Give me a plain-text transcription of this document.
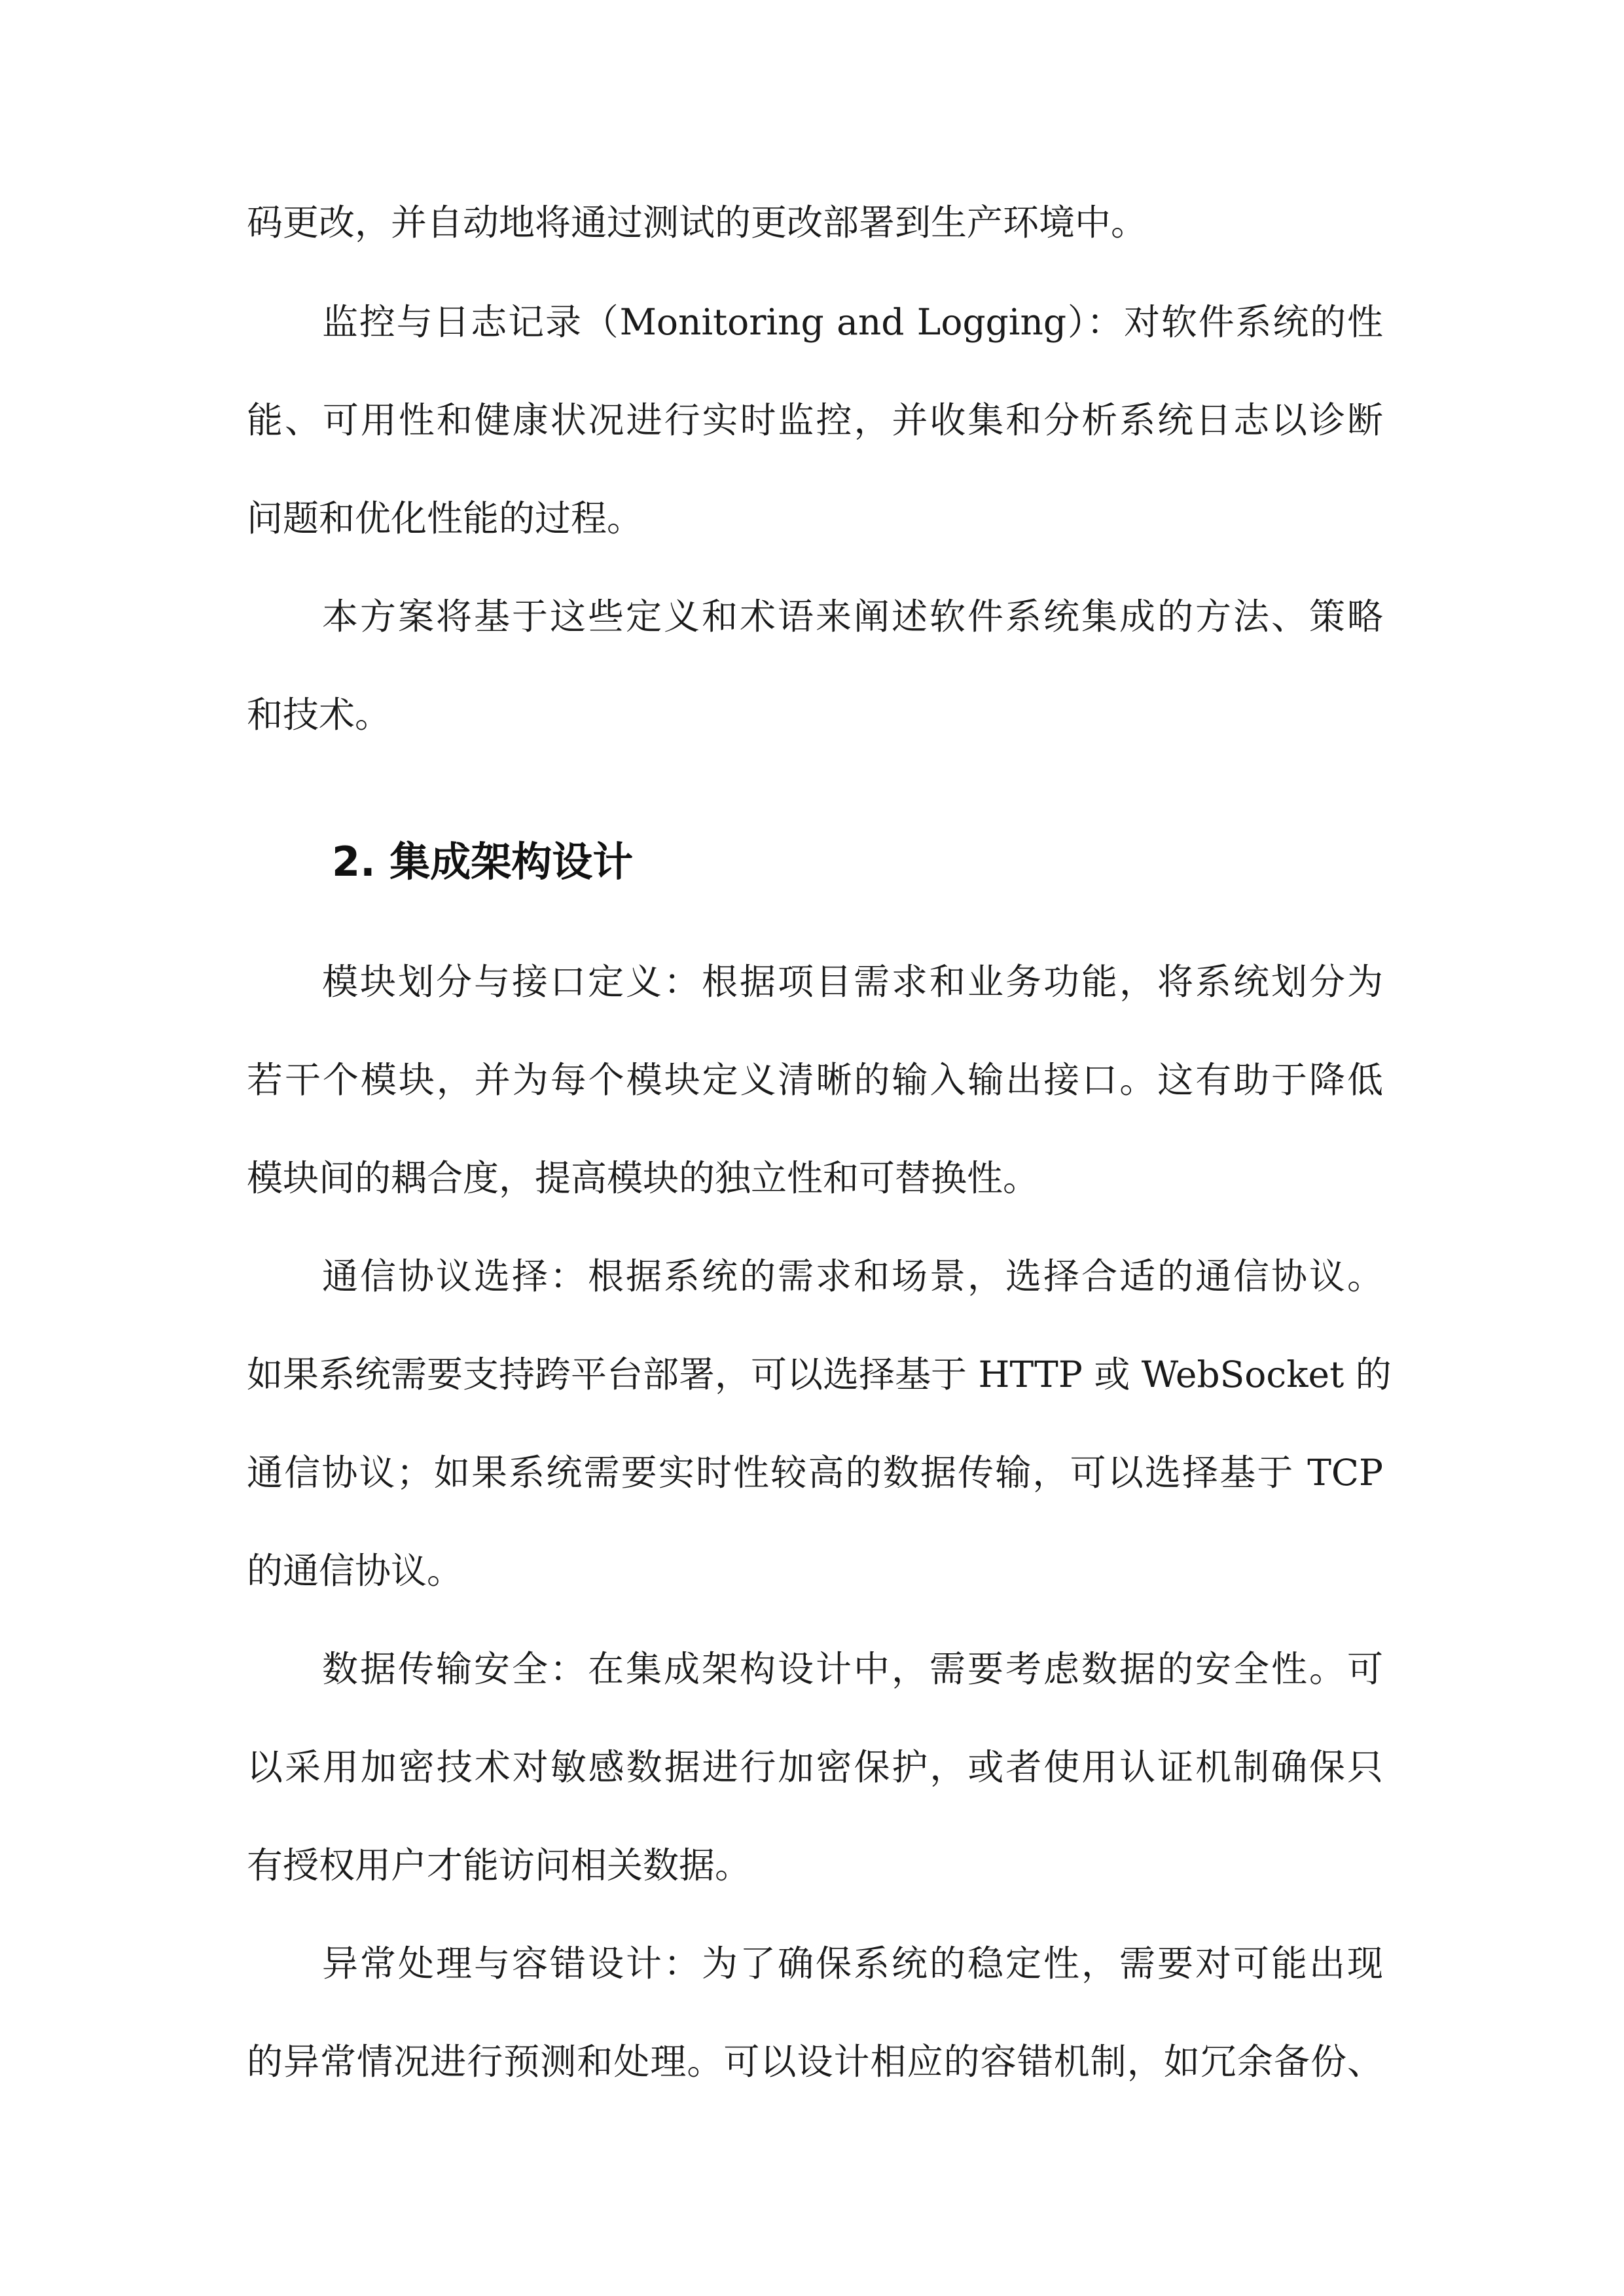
码更改，并自动地将通过测试的更改部署到生产环境中。
监控与日志记录（Monitoring and Logging）：对软件系统的性
能、可用性和健康状况进行实时监控，并收集和分析系统日志以诊断
问题和优化性能的过程。
本方案将基于这些定义和术语来阐述软件系统集成的方法、策略
和技术。
2. 集成架构设计
模块划分与接口定义：根据项目需求和业务功能，将系统划分为
若干个模块，并为每个模块定义清晰的输入输出接口。这有助于降低
模块间的耦合度，提高模块的独立性和可替换性。
通信协议选择：根据系统的需求和场景，选择合适的通信协议。
如果系统需要支持跨平台部署，可以选择基于 HTTP 或 WebSocket 的
通信协议；如果系统需要实时性较高的数据传输，可以选择基于 TCP
的通信协议。
数据传输安全：在集成架构设计中，需要考虑数据的安全性。可
以采用加密技术对敏感数据进行加密保护，或者使用认证机制确保只
有授权用户才能访问相关数据。
异常处理与容错设计：为了确保系统的稳定性，需要对可能出现
的异常情况进行预测和处理。可以设计相应的容错机制，如冗余备份、
